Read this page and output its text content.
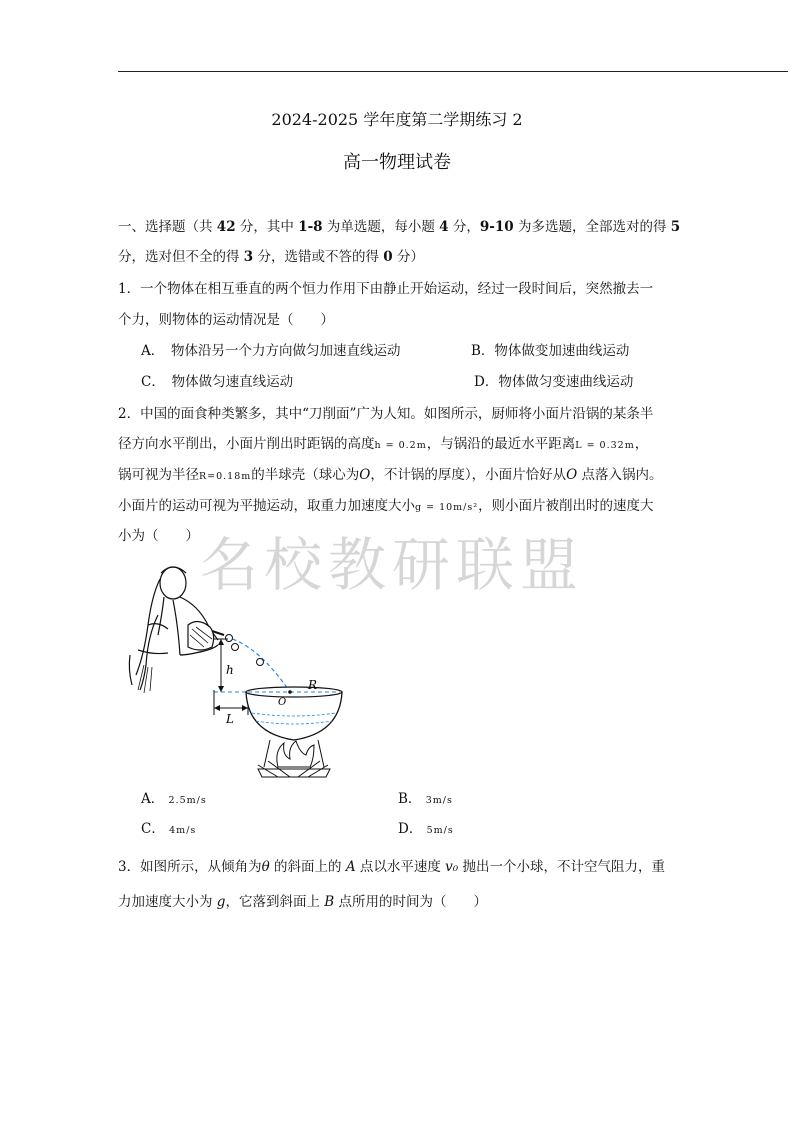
2024-2025 学年度第二学期练习 2
高一物理试卷
一、选择题（共 42 分，其中 1-8 为单选题，每小题 4 分，9-10 为多选题，全部选对的得 5
分，选对但不全的得 3 分，选错或不答的得 0 分）
1．一个物体在相互垂直的两个恒力作用下由静止开始运动，经过一段时间后，突然撤去一
个力，则物体的运动情况是（　　）
A．　物体沿另一个力方向做匀加速直线运动	B．物体做变加速曲线运动
C．　物体做匀速直线运动	D．物体做匀变速曲线运动
2．中国的面食种类繁多，其中“刀削面”广为人知。如图所示，厨师将小面片沿锅的某条半
径方向水平削出，小面片削出时距锅的高度h = 0.2m，与锅沿的最近水平距离L = 0.32m，
锅可视为半径R=0.18m的半球壳（球心为O，不计锅的厚度），小面片恰好从O 点落入锅内。
小面片的运动可视为平抛运动，取重力加速度大小g = 10m/s²，则小面片被削出时的速度大
小为（　　） 名校教研联盟
h
L
O
R
A． 2.5m/s	B． 3m/s
C． 4m/s	D． 5m/s
3．如图所示，从倾角为θ 的斜面上的 A 点以水平速度 v₀ 抛出一个小球，不计空气阻力，重
力加速度大小为 g，它落到斜面上 B 点所用的时间为（　　）
